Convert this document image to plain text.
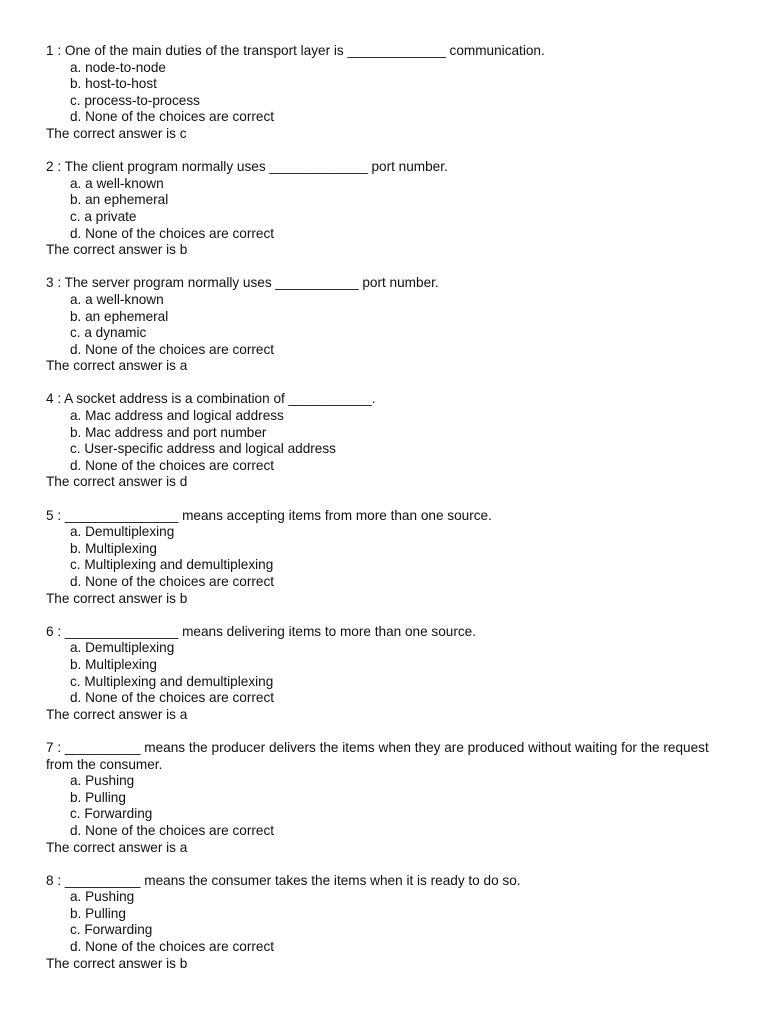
1 : One of the main duties of the transport layer is _____________ communication.
a. node-to-node
b. host-to-host
c. process-to-process
d. None of the choices are correct
The correct answer is c
2 : The client program normally uses _____________ port number.
a. a well-known
b. an ephemeral
c. a private
d. None of the choices are correct
The correct answer is b
3 : The server program normally uses ___________ port number.
a. a well-known
b. an ephemeral
c. a dynamic
d. None of the choices are correct
The correct answer is a
4 : A socket address is a combination of ___________.
a. Mac address and logical address
b. Mac address and port number
c. User-specific address and logical address
d. None of the choices are correct
The correct answer is d
5 : _______________ means accepting items from more than one source.
a. Demultiplexing
b. Multiplexing
c. Multiplexing and demultiplexing
d. None of the choices are correct
The correct answer is b
6 : _______________ means delivering items to more than one source.
a. Demultiplexing
b. Multiplexing
c. Multiplexing and demultiplexing
d. None of the choices are correct
The correct answer is a
7 : __________ means the producer delivers the items when they are produced without waiting for the request from the consumer.
a. Pushing
b. Pulling
c. Forwarding
d. None of the choices are correct
The correct answer is a
8 : __________ means the consumer takes the items when it is ready to do so.
a. Pushing
b. Pulling
c. Forwarding
d. None of the choices are correct
The correct answer is b
